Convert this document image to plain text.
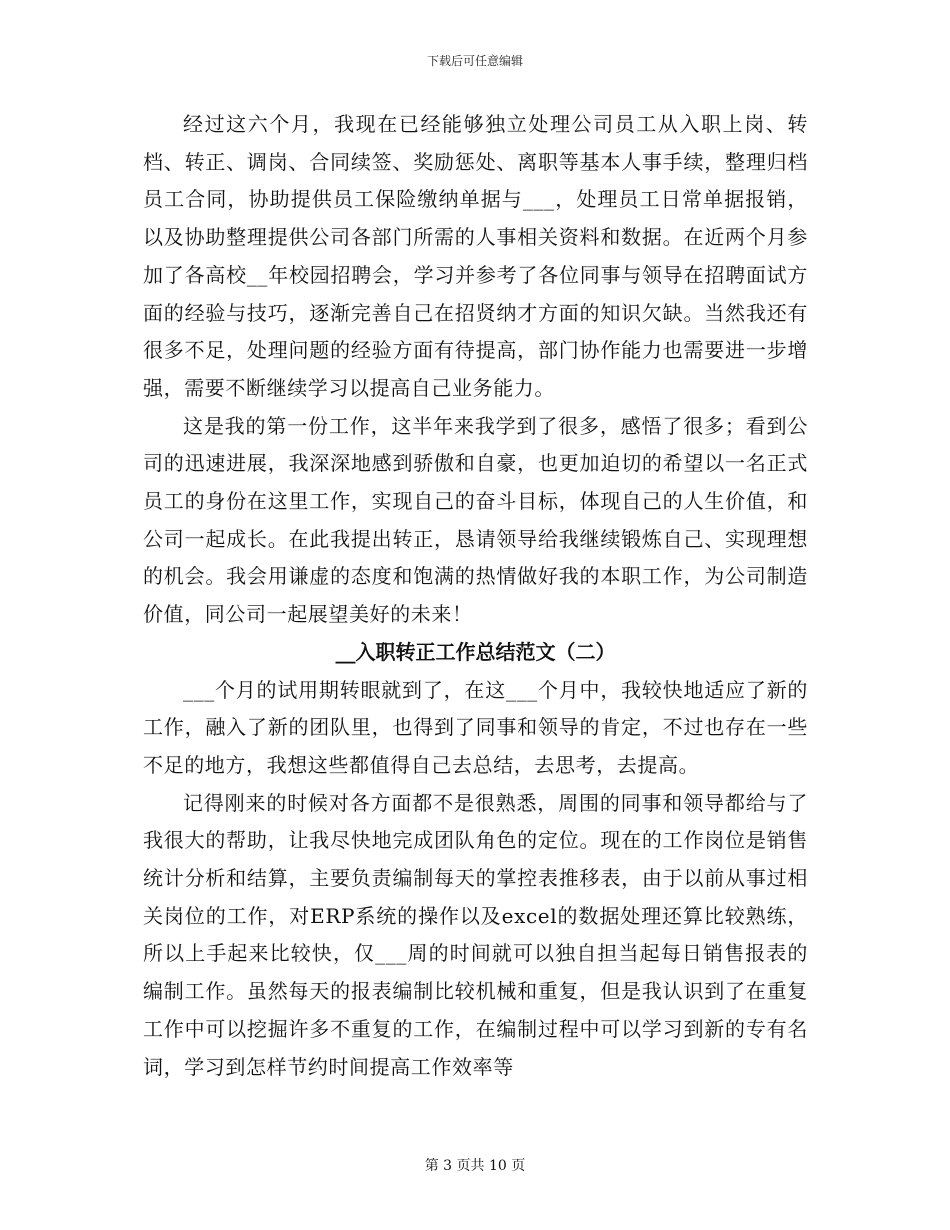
下载后可任意编辑

经过这六个月，我现在已经能够独立处理公司员工从入职上岗、转档、转正、调岗、合同续签、奖励惩处、离职等基本人事手续，整理归档员工合同，协助提供员工保险缴纳单据与___，处理员工日常单据报销，以及协助整理提供公司各部门所需的人事相关资料和数据。在近两个月参加了各高校__年校园招聘会，学习并参考了各位同事与领导在招聘面试方面的经验与技巧，逐渐完善自己在招贤纳才方面的知识欠缺。当然我还有很多不足，处理问题的经验方面有待提高，部门协作能力也需要进一步增强，需要不断继续学习以提高自己业务能力。

这是我的第一份工作，这半年来我学到了很多，感悟了很多；看到公司的迅速进展，我深深地感到骄傲和自豪，也更加迫切的希望以一名正式员工的身份在这里工作，实现自己的奋斗目标，体现自己的人生价值，和公司一起成长。在此我提出转正，恳请领导给我继续锻炼自己、实现理想的机会。我会用谦虚的态度和饱满的热情做好我的本职工作，为公司制造价值，同公司一起展望美好的未来！

__入职转正工作总结范文（二）

___个月的试用期转眼就到了，在这___个月中，我较快地适应了新的工作，融入了新的团队里，也得到了同事和领导的肯定，不过也存在一些不足的地方，我想这些都值得自己去总结，去思考，去提高。

记得刚来的时候对各方面都不是很熟悉，周围的同事和领导都给与了我很大的帮助，让我尽快地完成团队角色的定位。现在的工作岗位是销售统计分析和结算，主要负责编制每天的掌控表推移表，由于以前从事过相关岗位的工作，对ERP系统的操作以及excel的数据处理还算比较熟练，所以上手起来比较快，仅___周的时间就可以独自担当起每日销售报表的编制工作。虽然每天的报表编制比较机械和重复，但是我认识到了在重复工作中可以挖掘许多不重复的工作，在编制过程中可以学习到新的专有名词，学习到怎样节约时间提高工作效率等

第 3 页共 10 页
